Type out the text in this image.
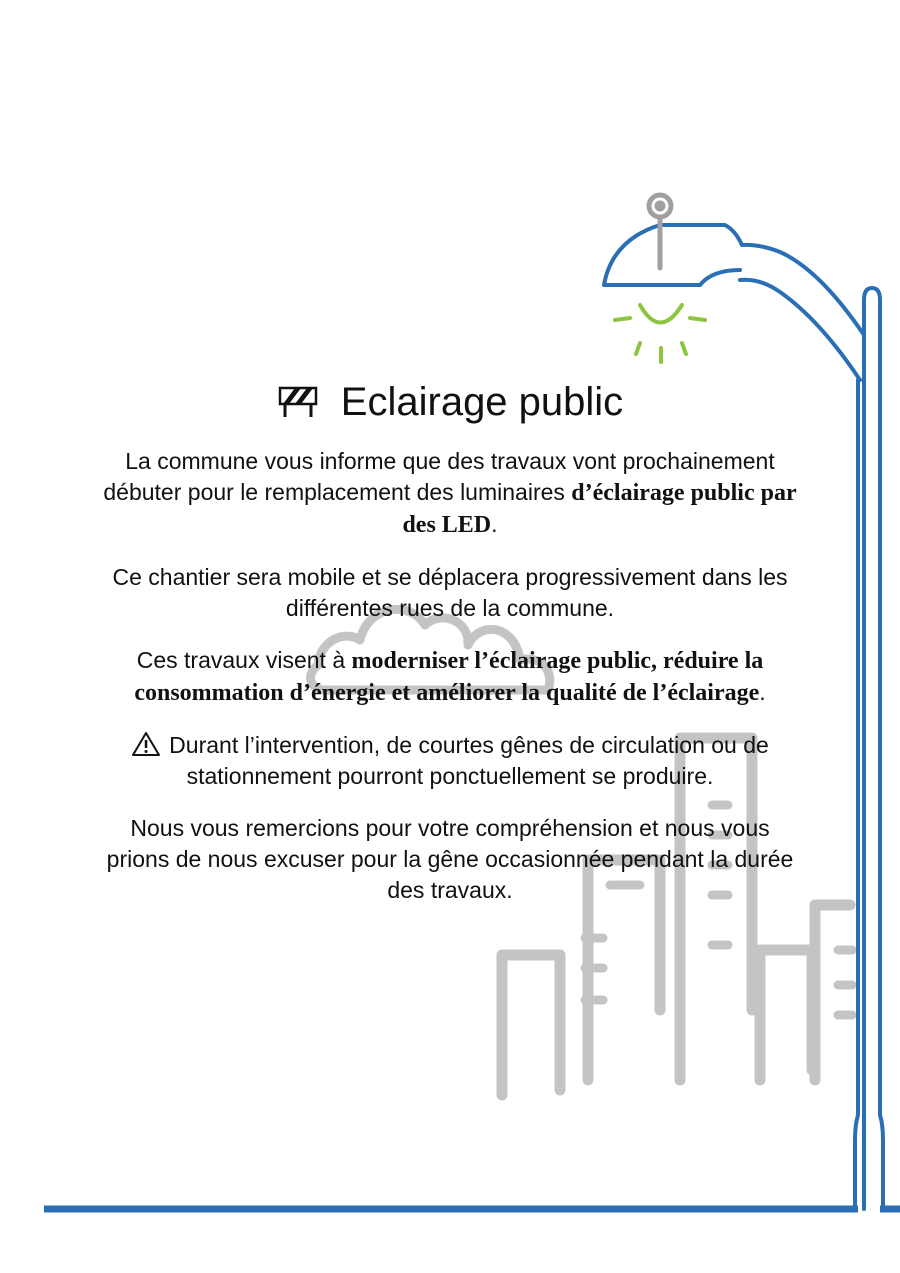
Eclairage public

La commune vous informe que des travaux vont prochainement débuter pour le remplacement des luminaires d’éclairage public par des LED.

Ce chantier sera mobile et se déplacera progressivement dans les différentes rues de la commune.

Ces travaux visent à moderniser l’éclairage public, réduire la consommation d’énergie et améliorer la qualité de l’éclairage.

Durant l’intervention, de courtes gênes de circulation ou de stationnement pourront ponctuellement se produire.

Nous vous remercions pour votre compréhension et nous vous prions de nous excuser pour la gêne occasionnée pendant la durée des travaux.
